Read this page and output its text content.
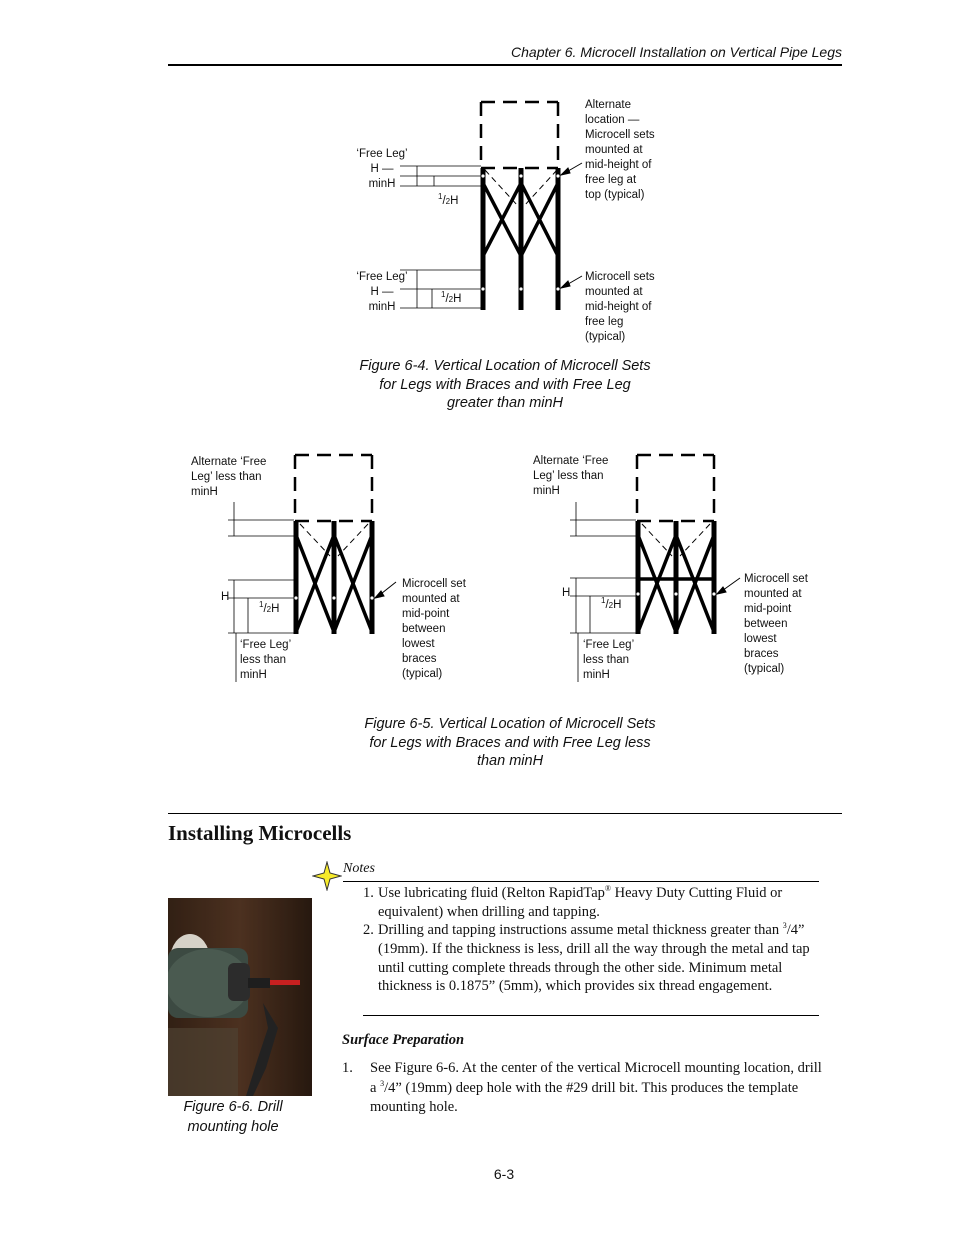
Chapter 6. Microcell Installation on Vertical Pipe Legs
‘Free Leg’
H —
minH
$^1$/2H
‘Free Leg’
H —
minH
$^1$/2H
Alternate
location —
Microcell sets
mounted at
mid-height of
free leg at
top (typical)
Microcell sets
mounted at
mid-height of
free leg
(typical)
Figure 6-4. Vertical Location of Microcell Sets
for Legs with Braces and with Free Leg
greater than minH
Alternate ‘Free
Leg’ less than
minH
H
$^1$/2H
‘Free Leg’
less than
minH
Microcell set
mounted at
mid-point
between
lowest
braces
(typical)
Alternate ‘Free
Leg’ less than
minH
H
$^1$/2H
‘Free Leg’
less than
minH
Microcell set
mounted at
mid-point
between
lowest
braces
(typical)
Figure 6-5. Vertical Location of Microcell Sets
for Legs with Braces and with Free Leg less
than minH
Installing Microcells
Notes
1. Use lubricating fluid (Relton RapidTap® Heavy Duty Cutting Fluid or equivalent) when drilling and tapping.
2. Drilling and tapping instructions assume metal thickness greater than $^3$/4” (19mm). If the thickness is less, drill all the way through the metal and tap until cutting complete threads through the other side. Minimum metal thickness is 0.1875” (5mm), which provides six thread engagement.
Surface Preparation
1.	See Figure 6-6. At the center of the vertical Microcell mounting location, drill a $^3$/4” (19mm) deep hole with the #29 drill bit. This produces the template mounting hole.
Figure 6-6. Drill
mounting hole
6-3
